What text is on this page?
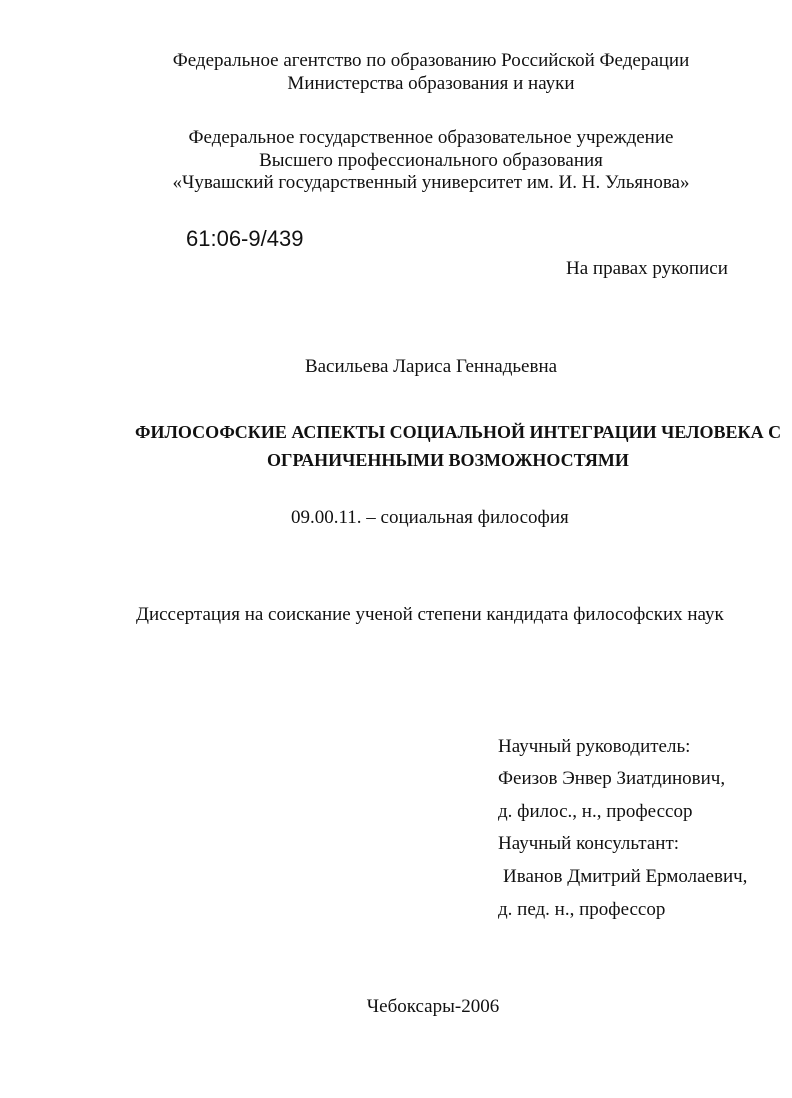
Федеральное агентство по образованию Российской Федерации
Министерства образования и науки
Федеральное государственное образовательное учреждение
Высшего профессионального образования
«Чувашский государственный университет им. И. Н. Ульянова»
61:06-9/439
На правах рукописи
Васильева Лариса Геннадьевна
ФИЛОСОФСКИЕ АСПЕКТЫ СОЦИАЛЬНОЙ ИНТЕГРАЦИИ ЧЕЛОВЕКА С
ОГРАНИЧЕННЫМИ ВОЗМОЖНОСТЯМИ
09.00.11. – социальная философия
Диссертация на соискание ученой степени кандидата философских наук
Научный руководитель:
Феизов Энвер Зиатдинович,
д. филос., н., профессор
Научный консультант:
Иванов Дмитрий Ермолаевич,
д. пед. н., профессор
Чебоксары-2006
